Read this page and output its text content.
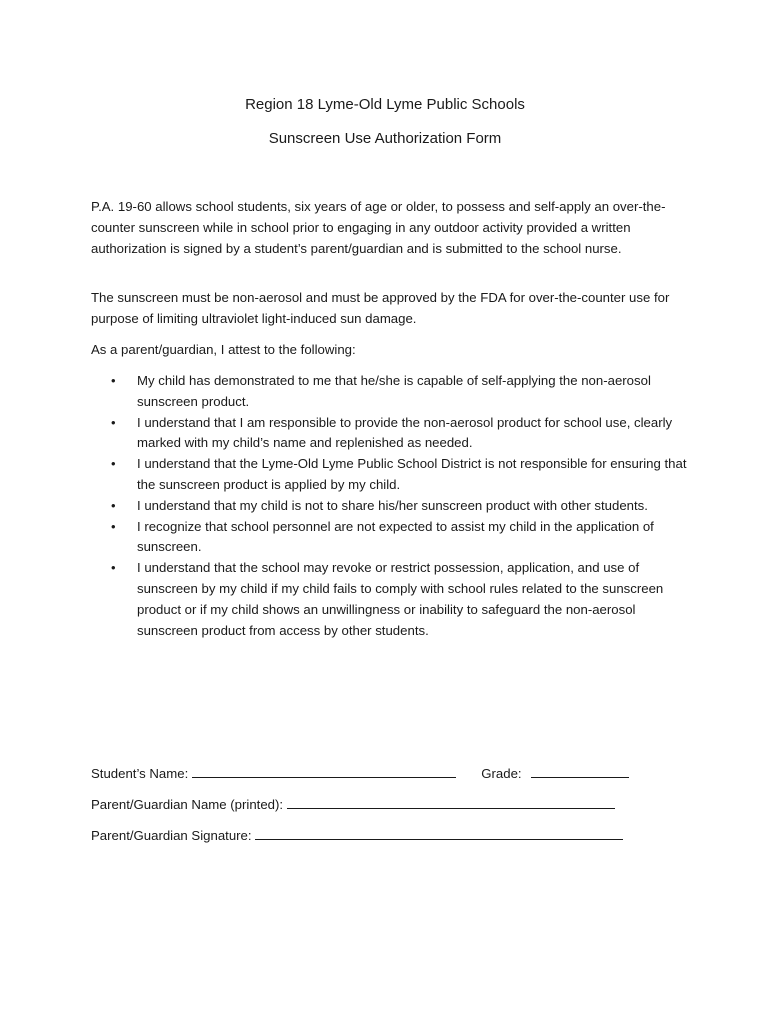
Region 18 Lyme-Old Lyme Public Schools
Sunscreen Use Authorization Form

P.A. 19-60 allows school students, six years of age or older, to possess and self-apply an over-the-counter sunscreen while in school prior to engaging in any outdoor activity provided a written authorization is signed by a student’s parent/guardian and is submitted to the school nurse.

The sunscreen must be non-aerosol and must be approved by the FDA for over-the-counter use for purpose of limiting ultraviolet light-induced sun damage.

As a parent/guardian, I attest to the following:

• My child has demonstrated to me that he/she is capable of self-applying the non-aerosol sunscreen product.
• I understand that I am responsible to provide the non-aerosol product for school use, clearly marked with my child’s name and replenished as needed.
• I understand that the Lyme-Old Lyme Public School District is not responsible for ensuring that the sunscreen product is applied by my child.
• I understand that my child is not to share his/her sunscreen product with other students.
• I recognize that school personnel are not expected to assist my child in the application of sunscreen.
• I understand that the school may revoke or restrict possession, application, and use of sunscreen by my child if my child fails to comply with school rules related to the sunscreen product or if my child shows an unwillingness or inability to safeguard the non-aerosol sunscreen product from access by other students.
Student’s Name:	Grade:
Parent/Guardian Name (printed):
Parent/Guardian Signature:
